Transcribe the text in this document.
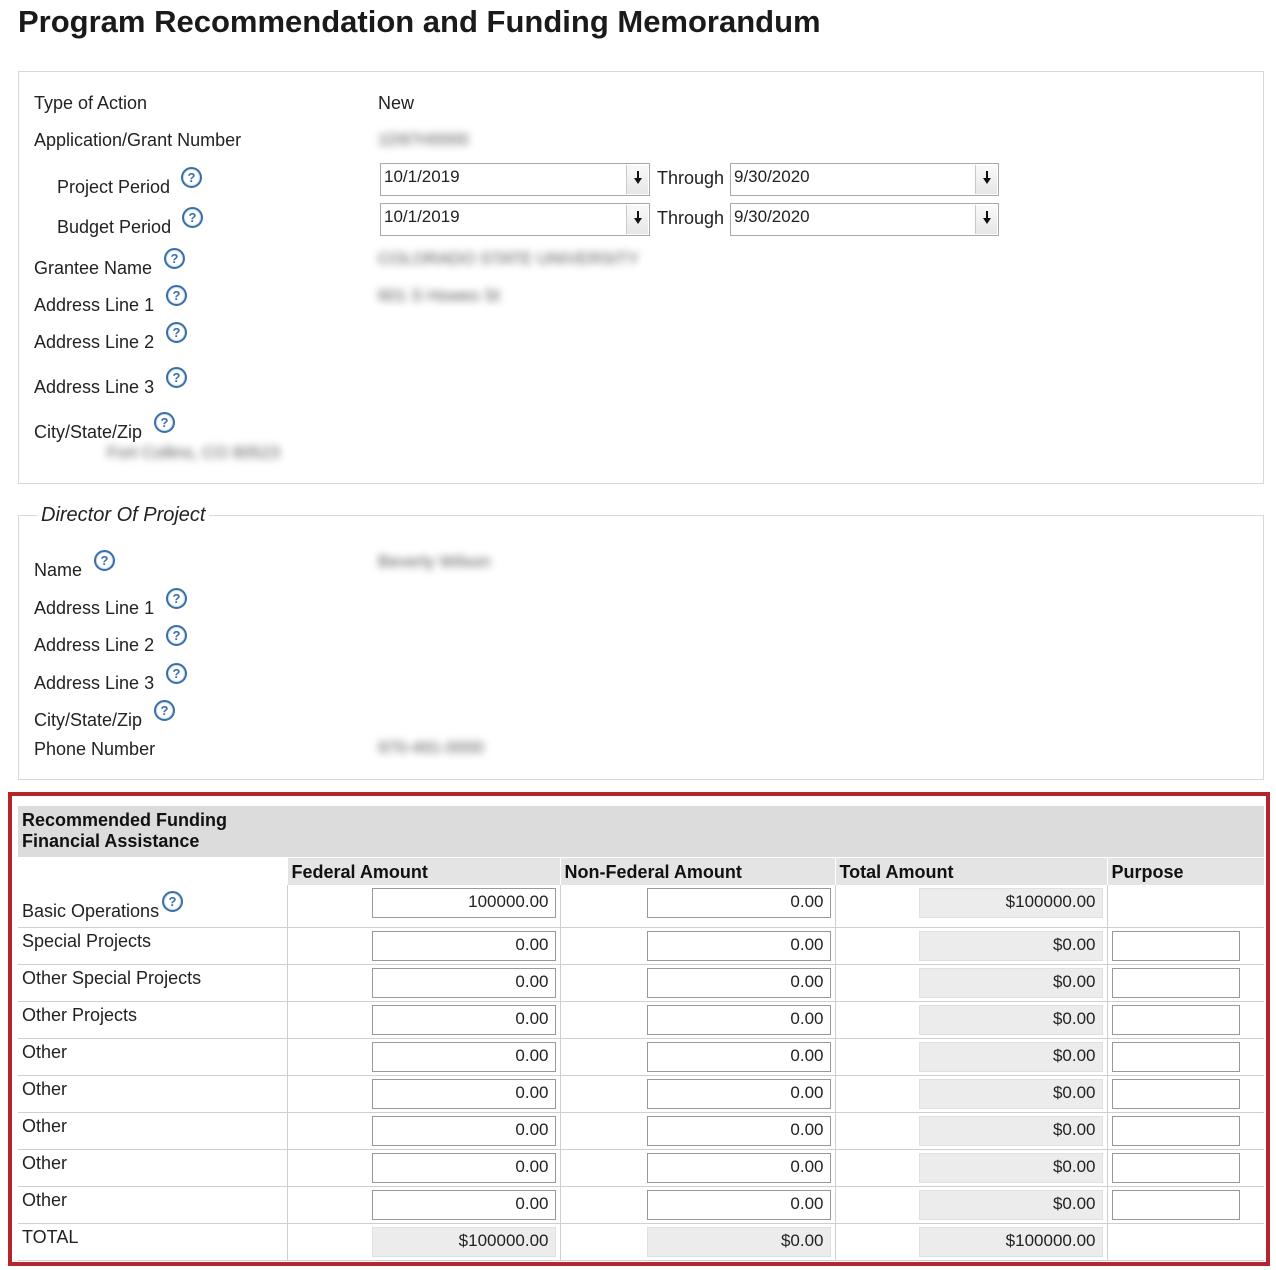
Program Recommendation and Funding Memorandum
Type of Action	New
Application/Grant Number	1D97H0000
Project Period	?	10/1/2019	Through 9/30/2020
Budget Period	?	10/1/2019	Through 9/30/2020
Grantee Name	?	COLORADO STATE UNIVERSITY
Address Line 1	?	601 S Howes St
Address Line 2	?
Address Line 3	?
City/State/Zip	?
Fort Collins, CO 80523
Director Of Project
Name	?	Beverly Wilson
Address Line 1	?
Address Line 2	?
Address Line 3	?
City/State/Zip	?
Phone Number	970-491-0000
Recommended Funding
Financial Assistance				

	Federal Amount	Non-Federal Amount	Total Amount	Purpose
Basic Operations ?	100000.00	0.00	$100000.00	

Special Projects	0.00	0.00	$0.00	

Other Special Projects	0.00	0.00	$0.00	

Other Projects	0.00	0.00	$0.00	

Other	0.00	0.00	$0.00	

Other	0.00	0.00	$0.00	

Other	0.00	0.00	$0.00	

Other	0.00	0.00	$0.00	

Other	0.00	0.00	$0.00	

TOTAL	$100000.00	$0.00	$100000.00	
